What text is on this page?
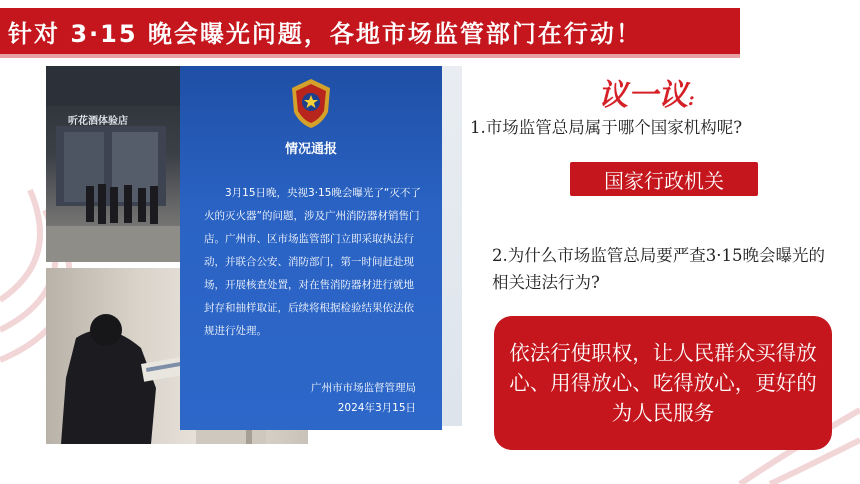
针对 3·15 晚会曝光问题，各地市场监管部门在行动！
听花酒体验店
情况通报
3月15日晚，央视3·15晚会曝光了“灭不了火的灭火器”的问题，涉及广州消防器材销售门店。广州市、区市场监管部门立即采取执法行动，并联合公安、消防部门，第一时间赶赴现场，开展核查处置，对在售消防器材进行就地封存和抽样取证，后续将根据检验结果依法依规进行处理。
广州市市场监督管理局
2024年3月15日
议一议:
1.市场监管总局属于哪个国家机构呢?
国家行政机关
2.为什么市场监管总局要严查3·15晚会曝光的相关违法行为?
依法行使职权，让人民群众买得放心、用得放心、吃得放心，更好的为人民服务
